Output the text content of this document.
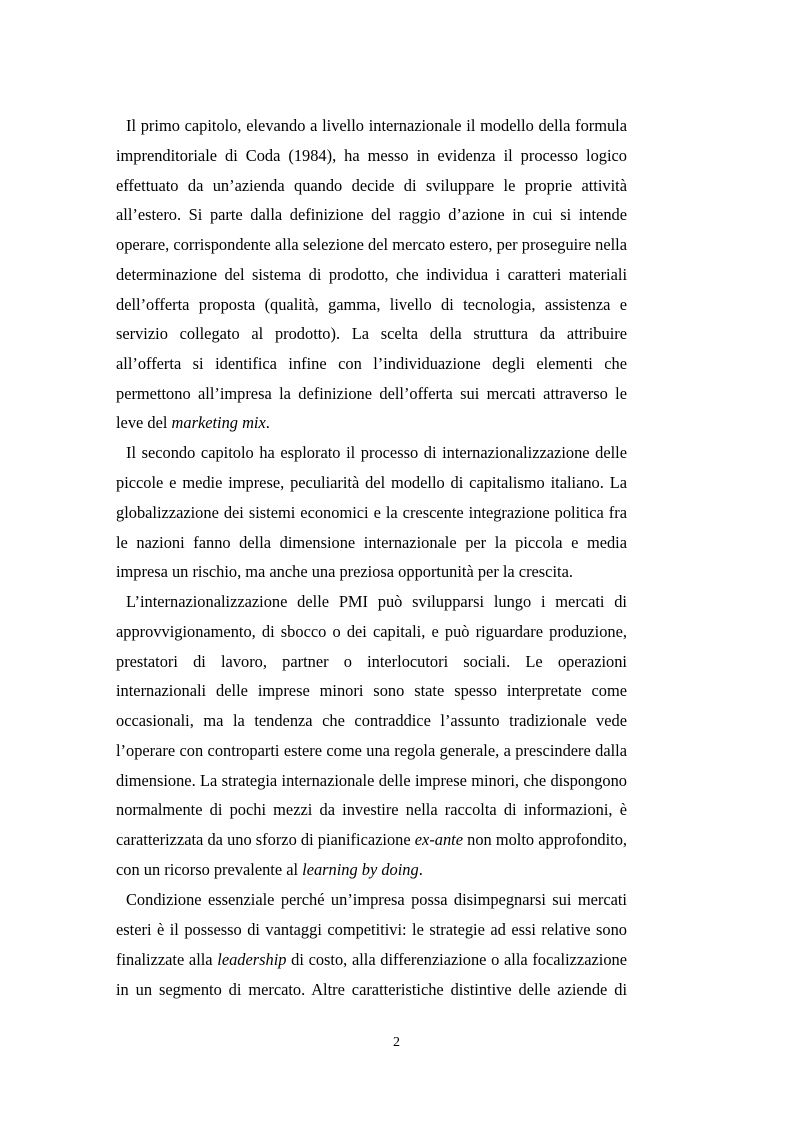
Il primo capitolo, elevando a livello internazionale il modello della formula
imprenditoriale di Coda (1984), ha messo in evidenza il processo logico
effettuato da un’azienda quando decide di sviluppare le proprie attività
all’estero. Si parte dalla definizione del raggio d’azione in cui si intende
operare, corrispondente alla selezione del mercato estero, per proseguire nella
determinazione del sistema di prodotto, che individua i caratteri materiali
dell’offerta proposta (qualità, gamma, livello di tecnologia, assistenza e
servizio collegato al prodotto). La scelta della struttura da attribuire
all’offerta si identifica infine con l’individuazione degli elementi che
permettono all’impresa la definizione dell’offerta sui mercati attraverso le
leve del marketing mix.
Il secondo capitolo ha esplorato il processo di internazionalizzazione delle
piccole e medie imprese, peculiarità del modello di capitalismo italiano. La
globalizzazione dei sistemi economici e la crescente integrazione politica fra
le nazioni fanno della dimensione internazionale per la piccola e media
impresa un rischio, ma anche una preziosa opportunità per la crescita.
L’internazionalizzazione delle PMI può svilupparsi lungo i mercati di
approvvigionamento, di sbocco o dei capitali, e può riguardare produzione,
prestatori di lavoro, partner o interlocutori sociali. Le operazioni
internazionali delle imprese minori sono state spesso interpretate come
occasionali, ma la tendenza che contraddice l’assunto tradizionale vede
l’operare con controparti estere come una regola generale, a prescindere dalla
dimensione. La strategia internazionale delle imprese minori, che dispongono
normalmente di pochi mezzi da investire nella raccolta di informazioni, è
caratterizzata da uno sforzo di pianificazione ex-ante non molto approfondito,
con un ricorso prevalente al learning by doing.
Condizione essenziale perché un’impresa possa disimpegnarsi sui mercati
esteri è il possesso di vantaggi competitivi: le strategie ad essi relative sono
finalizzate alla leadership di costo, alla differenziazione o alla focalizzazione
in un segmento di mercato. Altre caratteristiche distintive delle aziende di
2
